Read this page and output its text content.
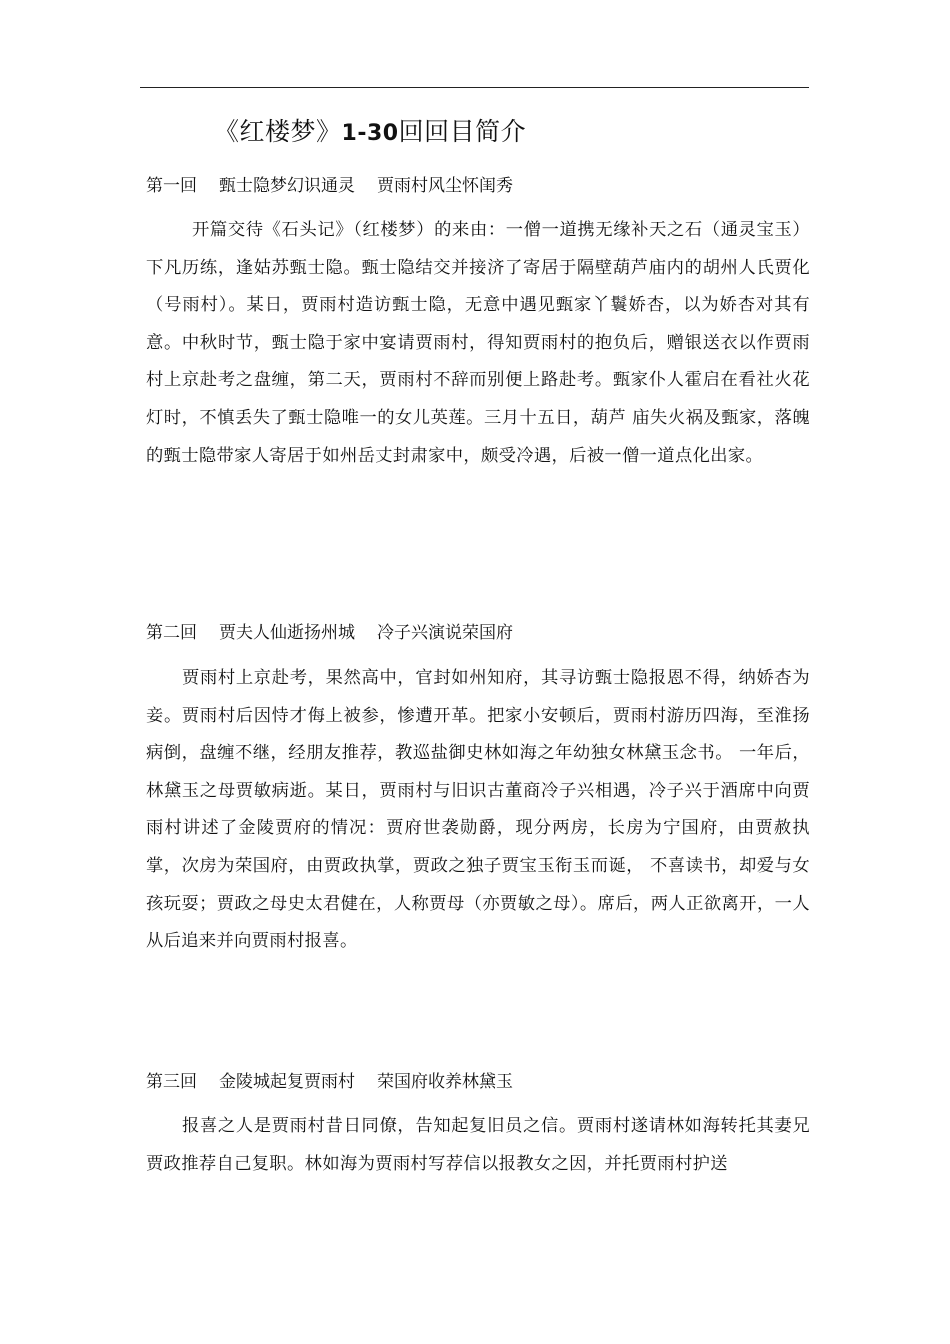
《红楼梦》1-30回回目简介
第一回 甄士隐梦幻识通灵 贾雨村风尘怀闺秀

开篇交待《石头记》（红楼梦）的来由：一僧一道携无缘补天之石（通灵宝玉）下凡历练，逢姑苏甄士隐。甄士隐结交并接济了寄居于隔壁葫芦庙内的胡州人氏贾化（号雨村）。某日，贾雨村造访甄士隐，无意中遇见甄家丫鬟娇杏，以为娇杏对其有意。中秋时节，甄士隐于家中宴请贾雨村，得知贾雨村的抱负后，赠银送衣以作贾雨村上京赴考之盘缠，第二天，贾雨村不辞而别便上路赴考。甄家仆人霍启在看社火花灯时，不慎丢失了甄士隐唯一的女儿英莲。三月十五日，葫芦 庙失火祸及甄家，落魄的甄士隐带家人寄居于如州岳丈封肃家中，颇受冷遇，后被一僧一道点化出家。

第二回 贾夫人仙逝扬州城 冷子兴演说荣国府

贾雨村上京赴考，果然高中，官封如州知府，其寻访甄士隐报恩不得，纳娇杏为妾。贾雨村后因恃才侮上被参，惨遭开革。把家小安顿后，贾雨村游历四海，至淮扬病倒，盘缠不继，经朋友推荐，教巡盐御史林如海之年幼独女林黛玉念书。 一年后，林黛玉之母贾敏病逝。某日，贾雨村与旧识古董商冷子兴相遇，冷子兴于酒席中向贾雨村讲述了金陵贾府的情况：贾府世袭勋爵，现分两房，长房为宁国府，由贾赦执掌，次房为荣国府，由贾政执掌，贾政之独子贾宝玉衔玉而诞， 不喜读书，却爱与女孩玩耍；贾政之母史太君健在，人称贾母（亦贾敏之母）。席后，两人正欲离开，一人从后追来并向贾雨村报喜。

第三回 金陵城起复贾雨村 荣国府收养林黛玉

报喜之人是贾雨村昔日同僚，告知起复旧员之信。贾雨村遂请林如海转托其妻兄贾政推荐自己复职。林如海为贾雨村写荐信以报教女之因，并托贾雨村护送
